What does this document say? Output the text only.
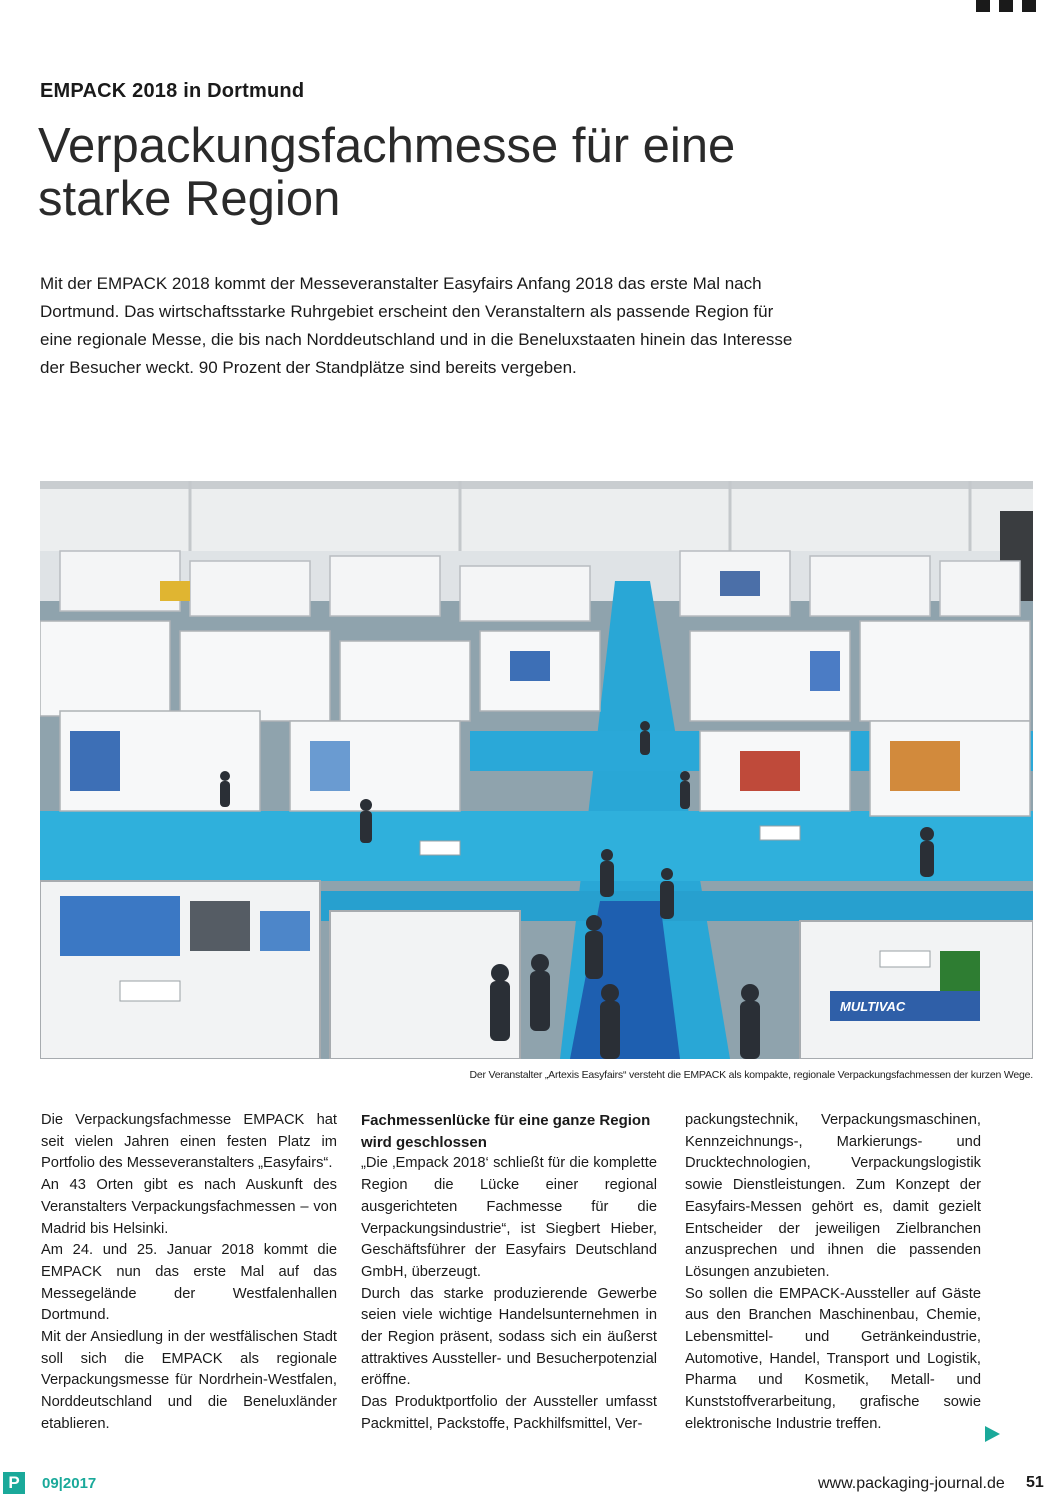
EMPACK 2018 in Dortmund
Verpackungsfachmesse für eine
starke Region

Mit der EMPACK 2018 kommt der Messeveranstalter Easyfairs Anfang 2018 das erste Mal nach Dortmund. Das wirtschaftsstarke Ruhrgebiet erscheint den Veranstaltern als passende Region für eine regionale Messe, die bis nach Norddeutschland und in die Beneluxstaaten hinein das Interesse der Besucher weckt. 90 Prozent der Standplätze sind bereits vergeben.

MULTIVAC
Der Veranstalter „Artexis Easyfairs“ versteht die EMPACK als kompakte, regionale Verpackungsfachmessen der kurzen Wege.

Die Verpackungsfachmesse EMPACK hat seit vielen Jahren einen festen Platz im Portfolio des Messeveranstalters „Easyfairs“.

An 43 Orten gibt es nach Auskunft des Veranstalters Verpackungsfachmessen – von Madrid bis Helsinki.

Am 24. und 25. Januar 2018 kommt die EMPACK nun das erste Mal auf das Messegelände der Westfalenhallen Dortmund.

Mit der Ansiedlung in der westfälischen Stadt soll sich die EMPACK als regionale Verpackungsmesse für Nordrhein-Westfalen, Norddeutschland und die Beneluxländer etablieren.

Fachmessenlücke für eine ganze Region wird geschlossen

„Die ‚Empack 2018‘ schließt für die komplette Region die Lücke einer regional ausgerichteten Fachmesse für die Verpackungsindustrie“, ist Siegbert Hieber, Geschäftsführer der Easyfairs Deutschland GmbH, überzeugt.

Durch das starke produzierende Gewerbe seien viele wichtige Handelsunternehmen in der Region präsent, sodass sich ein äußerst attraktives Aussteller- und Besucherpotenzial eröffne.

Das Produktportfolio der Aussteller umfasst Packmittel, Packstoffe, Packhilfsmittel, Ver-

packungstechnik, Verpackungsmaschinen, Kennzeichnungs-, Markierungs- und Drucktechnologien, Verpackungslogistik sowie Dienstleistungen. Zum Konzept der Easyfairs-Messen gehört es, damit gezielt Entscheider der jeweiligen Zielbranchen anzusprechen und ihnen die passenden Lösungen anzubieten.

So sollen die EMPACK-Aussteller auf Gäste aus den Branchen Maschinenbau, Chemie, Lebensmittel- und Getränkeindustrie, Automotive, Handel, Transport und Logistik, Pharma und Kosmetik, Metall- und Kunststoffverarbeitung, grafische sowie elektronische Industrie treffen.

P	09|2017	www.packaging-journal.de 51
